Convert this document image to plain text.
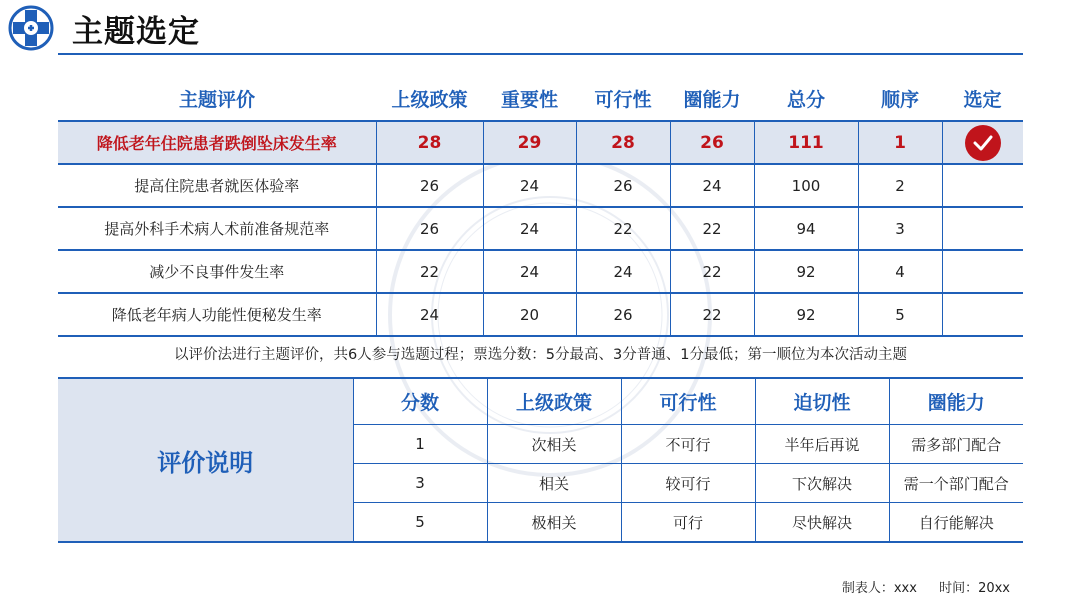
主题选定
主题评价	上级政策	重要性	可行性	圈能力	总分	顺序	选定
降低老年住院患者跌倒坠床发生率	28	29	28	26	111	1	

提高住院患者就医体验率	26	24	26	24	100	2	
提高外科手术病人术前准备规范率	26	24	22	22	94	3	
减少不良事件发生率	22	24	24	22	92	4	
降低老年病人功能性便秘发生率	24	20	26	22	92	5	
以评价法进行主题评价，共6人参与选题过程；票选分数：5分最高、3分普通、1分最低；第一顺位为本次活动主题
评价说明	分数	上级政策	可行性	迫切性	圈能力
	1	次相关	不可行	半年后再说	需多部门配合
	3	相关	较可行	下次解决	需一个部门配合
	5	极相关	可行	尽快解决	自行能解决
制表人：xxx 时间：20xx
